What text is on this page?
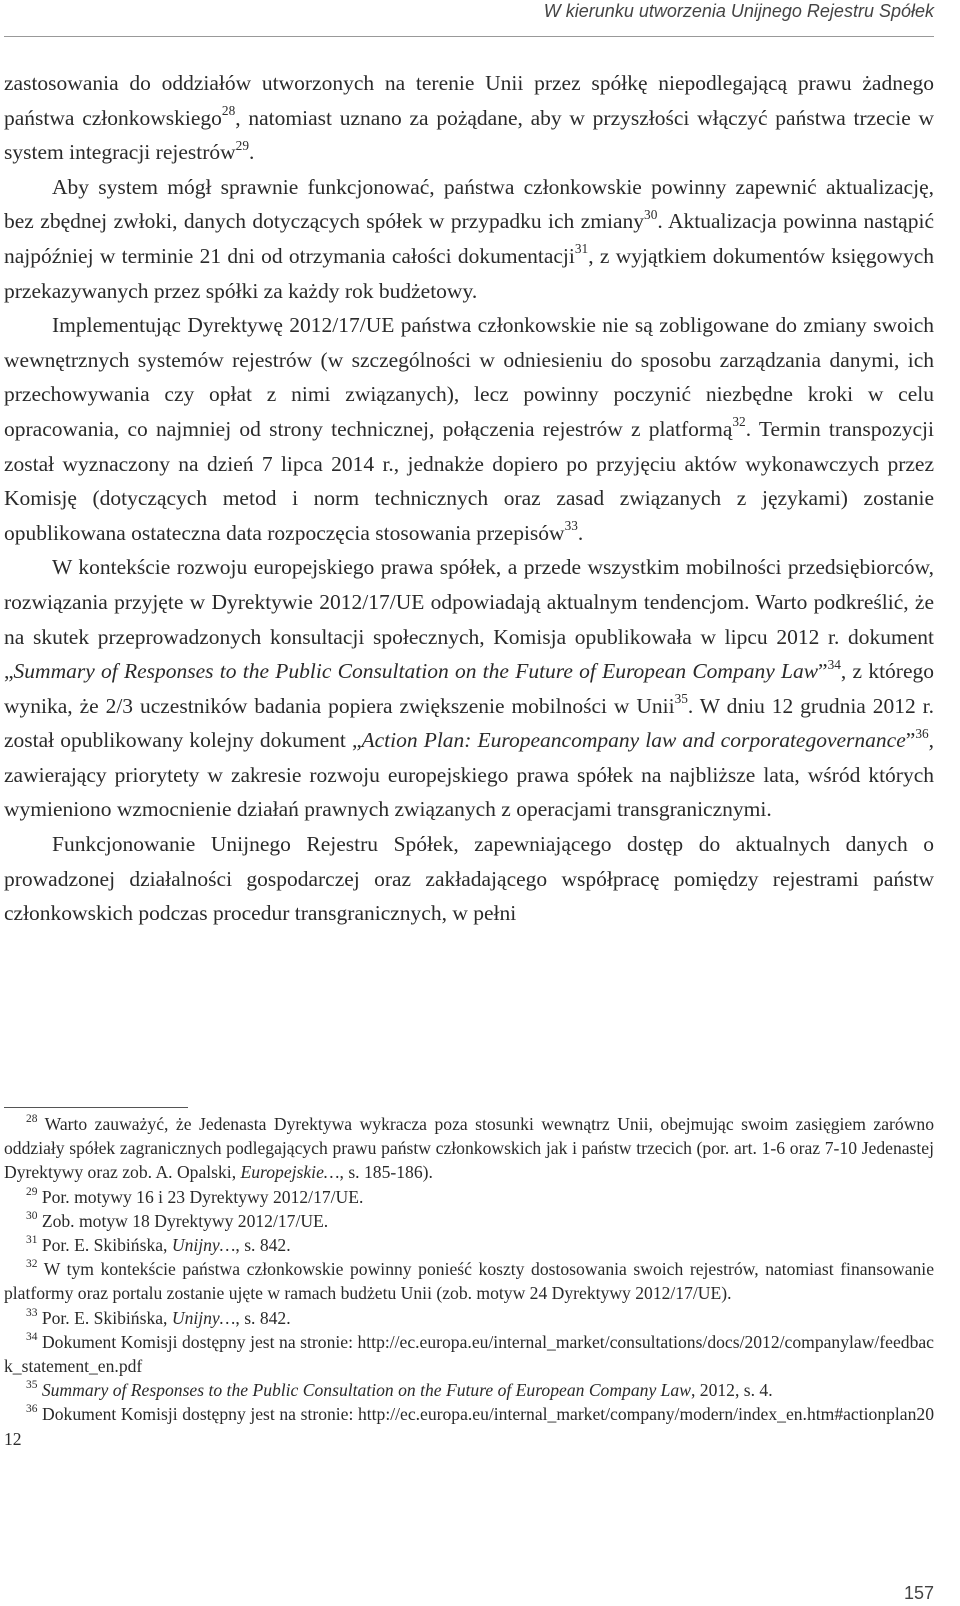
W kierunku utworzenia Unijnego Rejestru Spółek

zastosowania do oddziałów utworzonych na terenie Unii przez spółkę niepodlegającą prawu żadnego państwa członkowskiego$^{28}$, natomiast uznano za pożądane, aby w przyszłości włączyć państwa trzecie w system integracji rejestrów$^{29}$.

Aby system mógł sprawnie funkcjonować, państwa członkowskie powinny zapewnić aktualizację, bez zbędnej zwłoki, danych dotyczących spółek w przypadku ich zmiany$^{30}$. Aktualizacja powinna nastąpić najpóźniej w terminie 21 dni od otrzymania całości dokumentacji$^{31}$, z wyjątkiem dokumentów księgowych przekazywanych przez spółki za każdy rok budżetowy.

Implementując Dyrektywę 2012/17/UE państwa członkowskie nie są zobligowane do zmiany swoich wewnętrznych systemów rejestrów (w szczególności w odniesieniu do sposobu zarządzania danymi, ich przechowywania czy opłat z nimi związanych), lecz powinny poczynić niezbędne kroki w celu opracowania, co najmniej od strony technicznej, połączenia rejestrów z platformą$^{32}$. Termin transpozycji został wyznaczony na dzień 7 lipca 2014 r., jednakże dopiero po przyjęciu aktów wykonawczych przez Komisję (dotyczących metod i norm technicznych oraz zasad związanych z językami) zostanie opublikowana ostateczna data rozpoczęcia stosowania przepisów$^{33}$.

W kontekście rozwoju europejskiego prawa spółek, a przede wszystkim mobilności przedsiębiorców, rozwiązania przyjęte w Dyrektywie 2012/17/UE odpowiadają aktualnym tendencjom. Warto podkreślić, że na skutek przeprowadzonych konsultacji społecznych, Komisja opublikowała w lipcu 2012 r. dokument „Summary of Responses to the Public Consultation on the Future of European Company Law”$^{34}$, z którego wynika, że 2/3 uczestników badania popiera zwiększenie mobilności w Unii$^{35}$. W dniu 12 grudnia 2012 r. został opublikowany kolejny dokument „Action Plan: Europeancompany law and corporategovernance”$^{36}$, zawierający priorytety w zakresie rozwoju europejskiego prawa spółek na najbliższe lata, wśród których wymieniono wzmocnienie działań prawnych związanych z operacjami transgranicznymi.

Funkcjonowanie Unijnego Rejestru Spółek, zapewniającego dostęp do aktualnych danych o prowadzonej działalności gospodarczej oraz zakładającego współpracę pomiędzy rejestrami państw członkowskich podczas procedur transgranicznych, w pełni

$^{28}$ Warto zauważyć, że Jedenasta Dyrektywa wykracza poza stosunki wewnątrz Unii, obejmując swoim zasięgiem zarówno oddziały spółek zagranicznych podlegających prawu państw członkowskich jak i państw trzecich (por. art. 1-6 oraz 7-10 Jedenastej Dyrektywy oraz zob. A. Opalski, Europejskie…, s. 185-186).

$^{29}$ Por. motywy 16 i 23 Dyrektywy 2012/17/UE.

$^{30}$ Zob. motyw 18 Dyrektywy 2012/17/UE.

$^{31}$ Por. E. Skibińska, Unijny…, s. 842.

$^{32}$ W tym kontekście państwa członkowskie powinny ponieść koszty dostosowania swoich rejestrów, natomiast finansowanie platformy oraz portalu zostanie ujęte w ramach budżetu Unii (zob. motyw 24 Dyrektywy 2012/17/UE).

$^{33}$ Por. E. Skibińska, Unijny…, s. 842.

$^{34}$ Dokument Komisji dostępny jest na stronie: http://ec.europa.eu/internal_market/consultations/docs/2012/companylaw/feedback_statement_en.pdf

$^{35}$ Summary of Responses to the Public Consultation on the Future of European Company Law, 2012, s. 4.

$^{36}$ Dokument Komisji dostępny jest na stronie: http://ec.europa.eu/internal_market/company/modern/index_en.htm#actionplan2012

157
